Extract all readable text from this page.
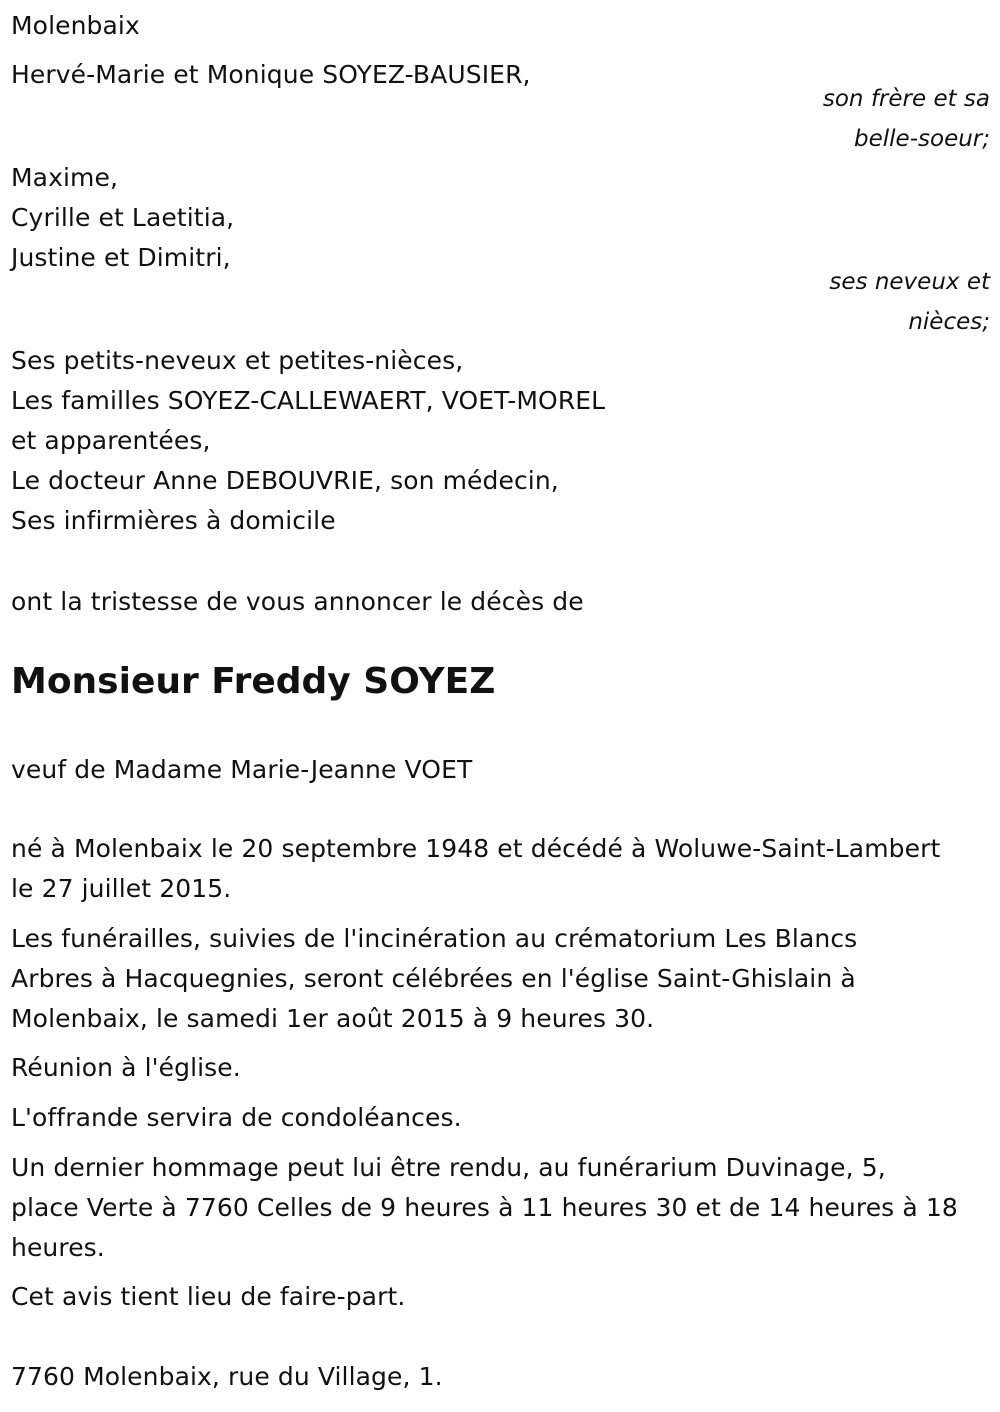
Molenbaix
Hervé-Marie et Monique SOYEZ-BAUSIER,
son frère et sa
belle-soeur;
Maxime,
Cyrille et Laetitia,
Justine et Dimitri,
ses neveux et
nièces;
Ses petits-neveux et petites-nièces,
Les familles SOYEZ-CALLEWAERT, VOET-MOREL
et apparentées,
Le docteur Anne DEBOUVRIE, son médecin,
Ses infirmières à domicile
ont la tristesse de vous annoncer le décès de
Monsieur Freddy SOYEZ
veuf de Madame Marie-Jeanne VOET
né à Molenbaix le 20 septembre 1948 et décédé à Woluwe-Saint-Lambert
le 27 juillet 2015.
Les funérailles, suivies de l'incinération au crématorium Les Blancs
Arbres à Hacquegnies, seront célébrées en l'église Saint-Ghislain à
Molenbaix, le samedi 1er août 2015 à 9 heures 30.
Réunion à l'église.
L'offrande servira de condoléances.
Un dernier hommage peut lui être rendu, au funérarium Duvinage, 5,
place Verte à 7760 Celles de 9 heures à 11 heures 30 et de 14 heures à 18
heures.
Cet avis tient lieu de faire-part.
7760 Molenbaix, rue du Village, 1.
